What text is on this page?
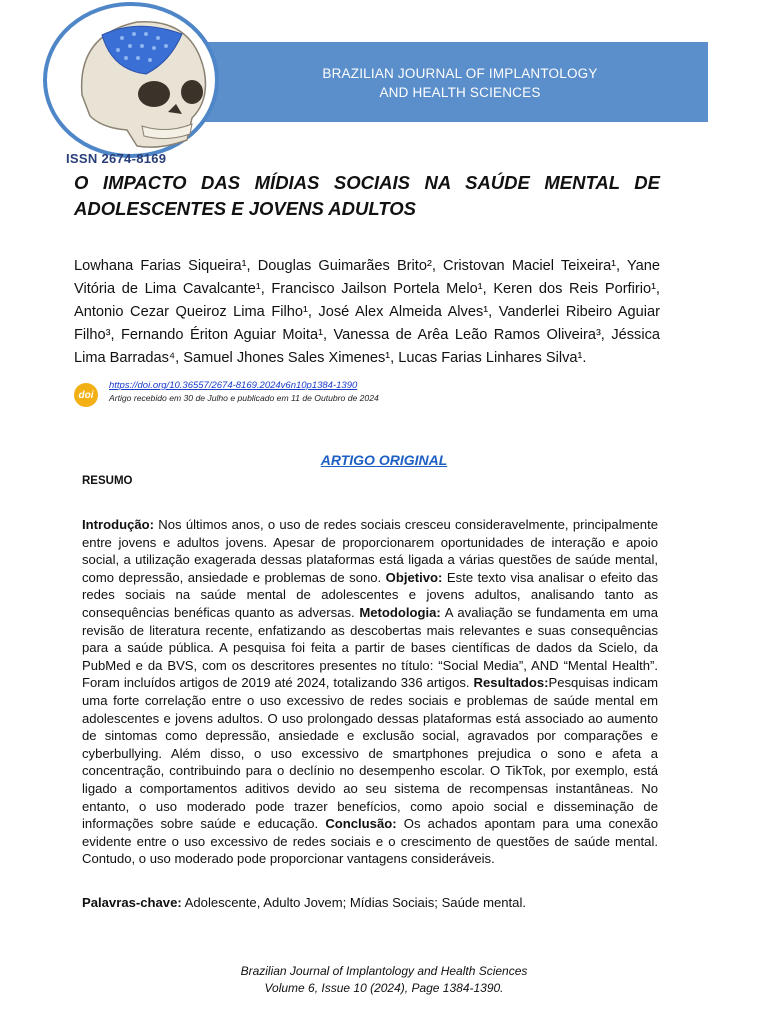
BRAZILIAN JOURNAL OF IMPLANTOLOGY
AND HEALTH SCIENCES
ISSN 2674-8169
O IMPACTO DAS MÍDIAS SOCIAIS NA SAÚDE MENTAL DE ADOLESCENTES E JOVENS ADULTOS
Lowhana Farias Siqueira¹, Douglas Guimarães Brito², Cristovan Maciel Teixeira¹, Yane Vitória de Lima Cavalcante¹, Francisco Jailson Portela Melo¹, Keren dos Reis Porfirio¹, Antonio Cezar Queiroz Lima Filho¹, José Alex Almeida Alves¹, Vanderlei Ribeiro Aguiar Filho³, Fernando Ériton Aguiar Moita¹, Vanessa de Arêa Leão Ramos Oliveira³, Jéssica Lima Barradas⁴, Samuel Jhones Sales Ximenes¹, Lucas Farias Linhares Silva¹.
doi
https://doi.org/10.36557/2674-8169.2024v6n10p1384-1390
Artigo recebido em 30 de Julho e publicado em 11 de Outubro de 2024
ARTIGO ORIGINAL
RESUMO
Introdução: Nos últimos anos, o uso de redes sociais cresceu consideravelmente, principalmente entre jovens e adultos jovens. Apesar de proporcionarem oportunidades de interação e apoio social, a utilização exagerada dessas plataformas está ligada a várias questões de saúde mental, como depressão, ansiedade e problemas de sono. Objetivo: Este texto visa analisar o efeito das redes sociais na saúde mental de adolescentes e jovens adultos, analisando tanto as consequências benéficas quanto as adversas. Metodologia: A avaliação se fundamenta em uma revisão de literatura recente, enfatizando as descobertas mais relevantes e suas consequências para a saúde pública. A pesquisa foi feita a partir de bases científicas de dados da Scielo, da PubMed e da BVS, com os descritores presentes no título: “Social Media”, AND “Mental Health”. Foram incluídos artigos de 2019 até 2024, totalizando 336 artigos. Resultados:Pesquisas indicam uma forte correlação entre o uso excessivo de redes sociais e problemas de saúde mental em adolescentes e jovens adultos. O uso prolongado dessas plataformas está associado ao aumento de sintomas como depressão, ansiedade e exclusão social, agravados por comparações e cyberbullying. Além disso, o uso excessivo de smartphones prejudica o sono e afeta a concentração, contribuindo para o declínio no desempenho escolar. O TikTok, por exemplo, está ligado a comportamentos aditivos devido ao seu sistema de recompensas instantâneas. No entanto, o uso moderado pode trazer benefícios, como apoio social e disseminação de informações sobre saúde e educação. Conclusão: Os achados apontam para uma conexão evidente entre o uso excessivo de redes sociais e o crescimento de questões de saúde mental. Contudo, o uso moderado pode proporcionar vantagens consideráveis.
Palavras-chave: Adolescente, Adulto Jovem; Mídias Sociais; Saúde mental.
Brazilian Journal of Implantology and Health Sciences
Volume 6, Issue 10 (2024), Page 1384-1390.
